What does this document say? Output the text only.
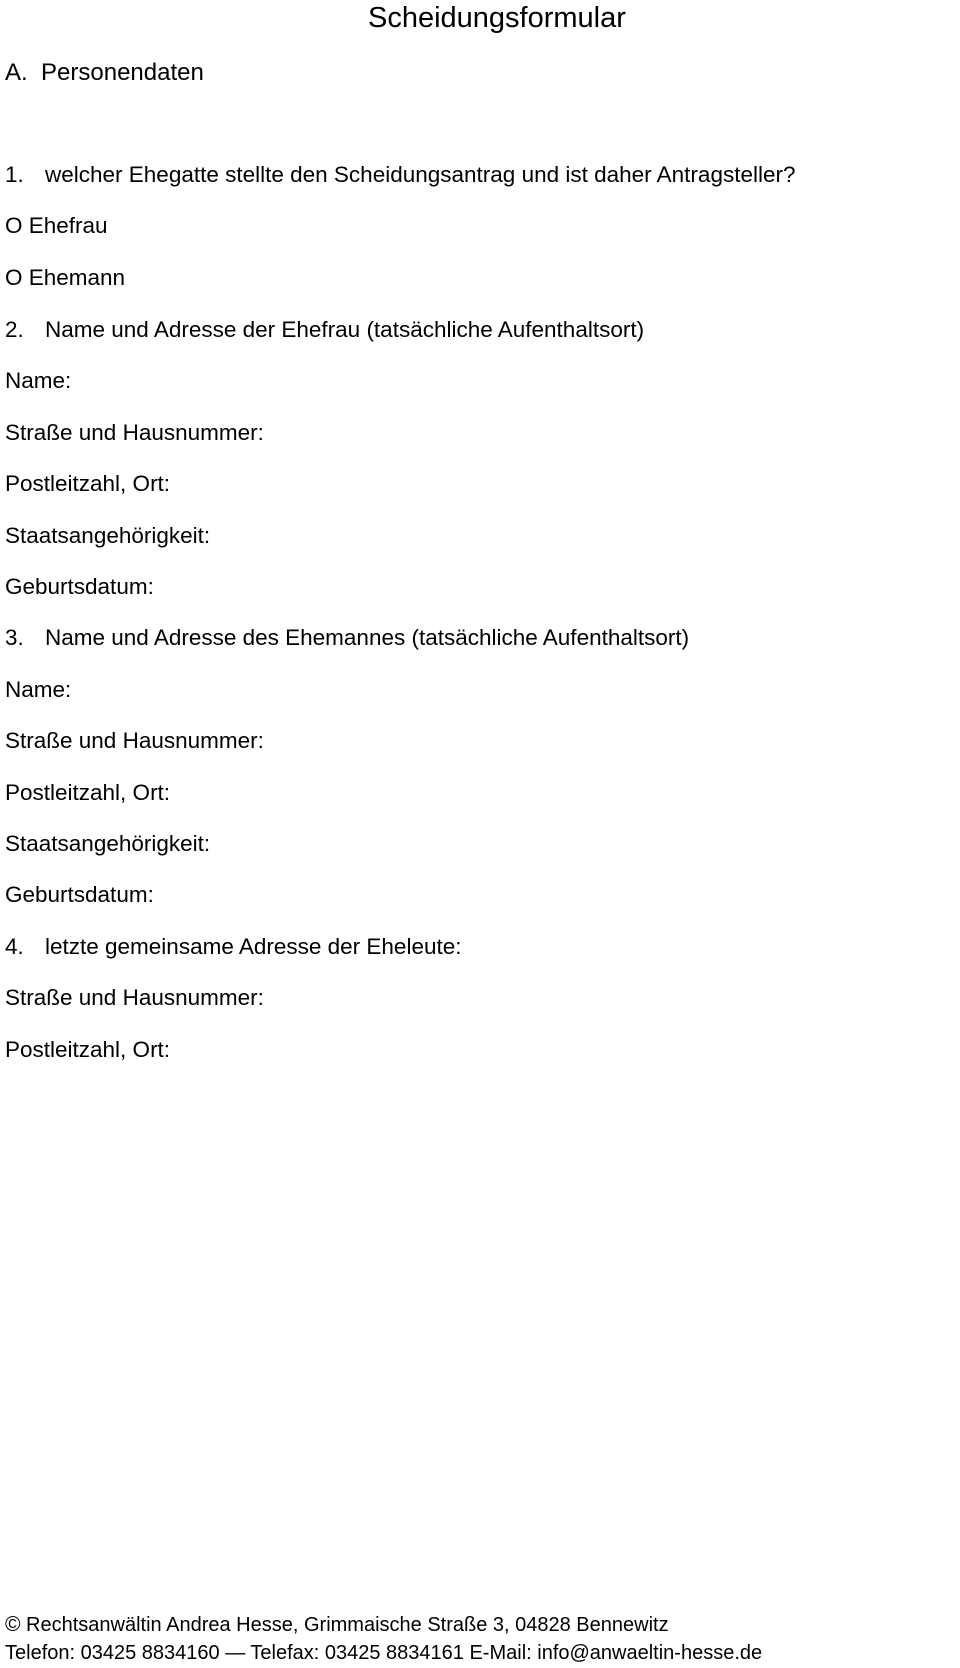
Scheidungsformular
A. Personendaten
1. welcher Ehegatte stellte den Scheidungsantrag und ist daher Antragsteller?
O Ehefrau
O Ehemann
2. Name und Adresse der Ehefrau (tatsächliche Aufenthaltsort)
Name:
Straße und Hausnummer:
Postleitzahl, Ort:
Staatsangehörigkeit:
Geburtsdatum:
3. Name und Adresse des Ehemannes (tatsächliche Aufenthaltsort)
Name:
Straße und Hausnummer:
Postleitzahl, Ort:
Staatsangehörigkeit:
Geburtsdatum:
4. letzte gemeinsame Adresse der Eheleute:
Straße und Hausnummer:
Postleitzahl, Ort:
© Rechtsanwältin Andrea Hesse, Grimmaische Straße 3, 04828 Bennewitz
Telefon: 03425 8834160 — Telefax: 03425 8834161 E-Mail: info@anwaeltin-hesse.de
